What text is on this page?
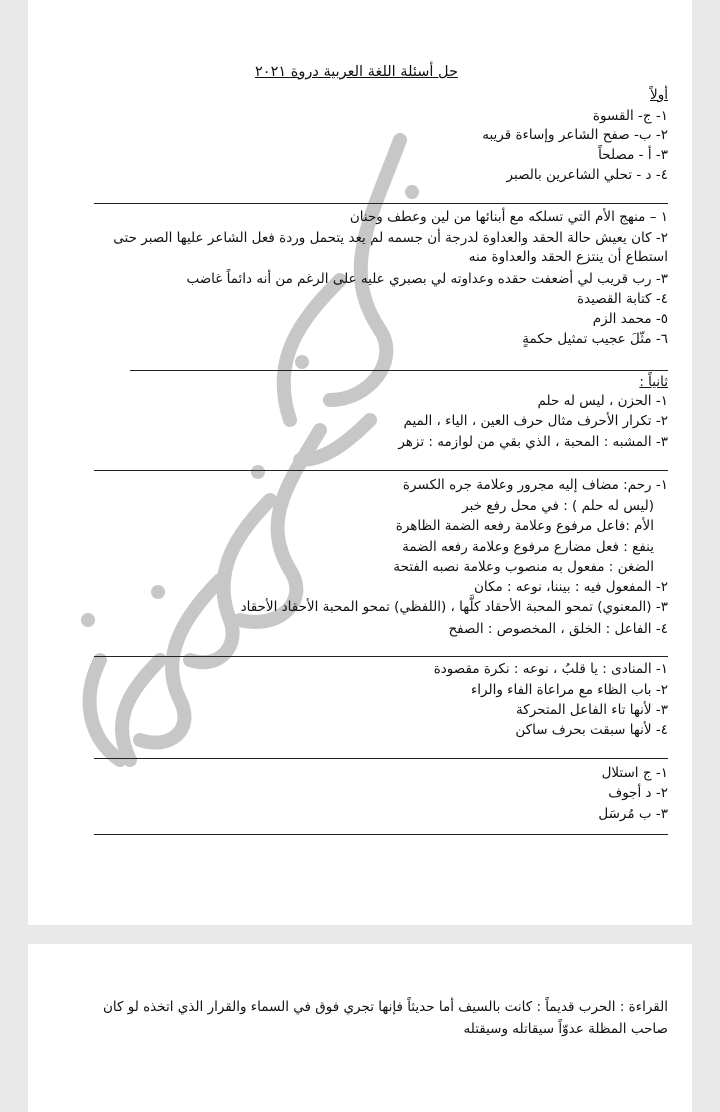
حل أسئلة اللغة العربية دروة ٢٠٢١
أولاً
١- ج- القسوة
٢- ب- صفح الشاعر وإساءة قريبه
٣- أ - مصلحاً
٤- د - تحلي الشاعرين بالصبر
١ – منهج الأم التي تسلكه مع أبنائها من لين وعطف وحنان
٢- كان يعيش حالة الحقد والعداوة لدرجة أن جسمه لم يعد يتحمل وردة فعل الشاعر عليها الصبر حتى
استطاع أن ينتزع الحقد والعداوة منه
٣- رب قريب لي أضعفت حقده وعداوته لي بصبري عليه على الرغم من أنه دائماً غاضب
٤- كتابة القصيدة
٥- محمد الزم
٦- مثّلَ عجيب تمثيل حكمةٍ
ثانياً :
١- الحزن ، ليس له حلم
٢- تكرار الأحرف مثال حرف العين ، الياء ، الميم
٣- المشبه : المحبة ، الذي بقي من لوازمه : تزهر
١- رحم: مضاف إليه مجرور وعلامة جره الكسرة
(ليس له حلم ) : في محل رفع خبر
الأم :فاعل مرفوع وعلامة رفعه الضمة الظاهرة
ينفع : فعل مضارع مرفوع وعلامة رفعه الضمة
الضغن : مفعول به منصوب وعلامة نصبه الفتحة
٢- المفعول فيه : بيننا، نوعه : مكان
٣- (المعنوي) تمحو المحبة الأحقاد كلَّها ، (اللفظي) تمحو المحبة الأحقاد الأحقاد
٤- الفاعل : الخلق ، المخصوص : الصفح
١- المنادى : يا قلبُ ، نوعه : نكرة مقصودة
٢- باب الظاء مع مراعاة الفاء والراء
٣- لأنها تاء الفاعل المتحركة
٤- لأنها سبقت بحرف ساكن
١- ج استلال
٢- د أجوف
٣- ب مُرسَل
القراءة : الحرب قديماً : كانت بالسيف أما حديثاً فإنها تجري فوق في السماء والقرار الذي اتخذه لو كان
صاحب المظلة عدوّاً سيقاتله وسيقتله
